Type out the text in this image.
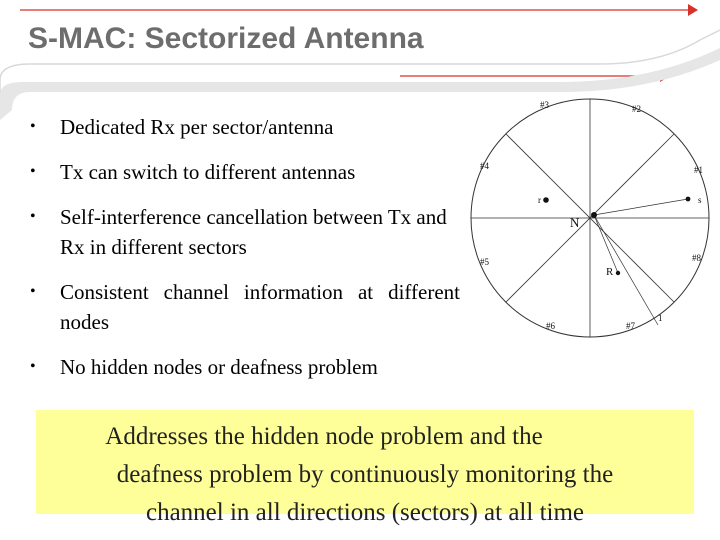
S-MAC: Sectorized Antenna
• Dedicated Rx per sector/antenna
• Tx can switch to different antennas
• Self-interference cancellation between Tx and Rx in different sectors
• Consistent channel information at different nodes
• No hidden nodes or deafness problem
#3	#2
#4	#1
#5	#8
#6	#7
N
r	s
R
1
Addresses the hidden node problem and the
deafness problem by continuously monitoring the
channel in all directions (sectors) at all time
